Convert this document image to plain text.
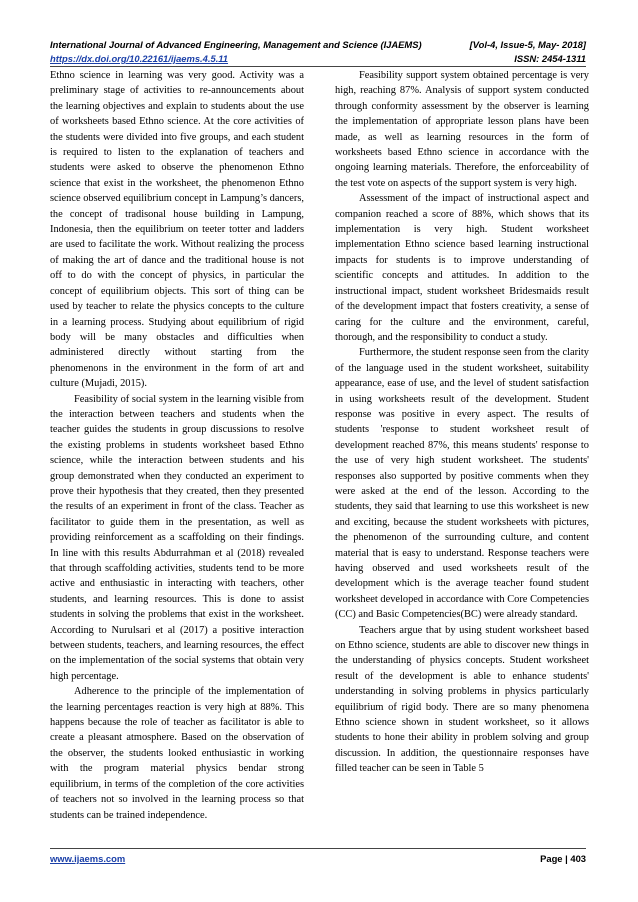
International Journal of Advanced Engineering, Management and Science (IJAEMS)	[Vol-4, Issue-5, May- 2018]
https://dx.doi.org/10.22161/ijaems.4.5.11	ISSN: 2454-1311

Ethno science in learning was very good. Activity was a preliminary stage of activities to re-announcements about the learning objectives and explain to students about the use of worksheets based Ethno science. At the core activities of the students were divided into five groups, and each student is required to listen to the explanation of teachers and students were asked to observe the phenomenon Ethno science that exist in the worksheet, the phenomenon Ethno science observed equilibrium concept in Lampung’s dancers, the concept of tradisonal house building in Lampung, Indonesia, then the equilibrium on teeter totter and ladders are used to facilitate the work. Without realizing the process of making the art of dance and the traditional house is not off to do with the concept of physics, in particular the concept of equilibrium objects. This sort of thing can be used by teacher to relate the physics concepts to the culture in a learning process. Studying about equilibrium of rigid body will be many obstacles and difficulties when administered directly without starting from the phenomenons in the environment in the form of art and culture (Mujadi, 2015).

Feasibility of social system in the learning visible from the interaction between teachers and students when the teacher guides the students in group discussions to resolve the existing problems in students worksheet based Ethno science, while the interaction between students and his group demonstrated when they conducted an experiment to prove their hypothesis that they created, then they presented the results of an experiment in front of the class. Teacher as facilitator to guide them in the presentation, as well as providing reinforcement as a scaffolding on their findings. In line with this results Abdurrahman et al (2018) revealed that through scaffolding activities, students tend to be more active and enthusiastic in interacting with teachers, other students, and learning resources. This is done to assist students in solving the problems that exist in the worksheet. According to Nurulsari et al (2017) a positive interaction between students, teachers, and learning resources, the effect on the implementation of the social systems that obtain very high percentage.

Adherence to the principle of the implementation of the learning percentages reaction is very high at 88%. This happens because the role of teacher as facilitator is able to create a pleasant atmosphere. Based on the observation of the observer, the students looked enthusiastic in working with the program material physics bendar strong equilibrium, in terms of the completion of the core activities of teachers not so involved in the learning process so that students can be trained independence.

Feasibility support system obtained percentage is very high, reaching 87%. Analysis of support system conducted through conformity assessment by the observer is learning the implementation of appropriate lesson plans have been made, as well as learning resources in the form of worksheets based Ethno science in accordance with the ongoing learning materials. Therefore, the enforceability of the test vote on aspects of the support system is very high.

Assessment of the impact of instructional aspect and companion reached a score of 88%, which shows that its implementation is very high. Student worksheet implementation Ethno science based learning instructional impacts for students is to improve understanding of scientific concepts and attitudes. In addition to the instructional impact, student worksheet Bridesmaids result of the development impact that fosters creativity, a sense of caring for the culture and the environment, careful, thorough, and the responsibility to conduct a study.

Furthermore, the student response seen from the clarity of the language used in the student worksheet, suitability appearance, ease of use, and the level of student satisfaction in using worksheets result of the development. Student response was positive in every aspect. The results of students 'response to student worksheet result of development reached 87%, this means students' response to the use of very high student worksheet. The students' responses also supported by positive comments when they were asked at the end of the lesson. According to the students, they said that learning to use this worksheet is new and exciting, because the student worksheets with pictures, the phenomenon of the surrounding culture, and content material that is easy to understand. Response teachers were having observed and used worksheets result of the development which is the average teacher found student worksheet developed in accordance with Core Competencies (CC) and Basic Competencies(BC) were already standard.

Teachers argue that by using student worksheet based on Ethno science, students are able to discover new things in the understanding of physics concepts. Student worksheet result of the development is able to enhance students' understanding in solving problems in physics particularly equilibrium of rigid body. There are so many phenomena Ethno science shown in student worksheet, so it allows students to hone their ability in problem solving and group discussion. In addition, the questionnaire responses have filled teacher can be seen in Table 5

www.ijaems.com	Page | 403
